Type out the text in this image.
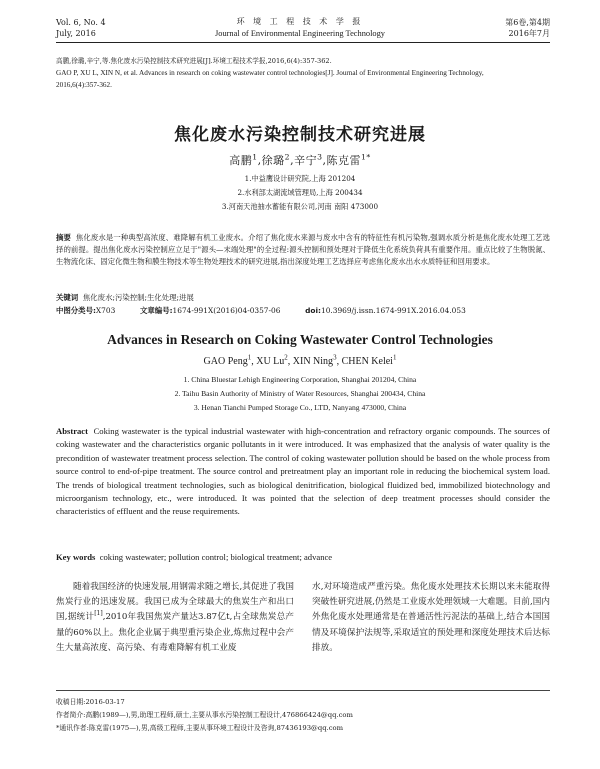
Vol. 6, No. 4
July, 2016
环 境 工 程 技 术 学 报
Journal of Environmental Engineering Technology
第6卷,第4期
2016年7月
高鹏,徐璐,辛宁,等.焦化废水污染控制技术研究进展[J].环境工程技术学报,2016,6(4):357-362.
GAO P, XU L, XIN N, et al. Advances in research on coking wastewater control technologies[J]. Journal of Environmental Engineering Technology,
2016,6(4):357-362.
焦化废水污染控制技术研究进展
高鹏$^1$,徐璐$^2$,辛宁$^3$,陈克雷$^{1*}$
1.中益鹰设计研究院,上海 201204
2.水利部太湖流域管理局,上海 200434
3.河南天池抽水蓄能有限公司,河南 南阳 473000
摘要 焦化废水是一种典型高浓度、难降解有机工业废水。介绍了焦化废水来源与废水中含有的特征性有机污染物,强调水质分析是焦化废水处理工艺选择的前提。提出焦化废水污染控制应立足于"源头—末端处理"的全过程:源头控制和预处理对于降低生化系统负荷具有重要作用。重点比较了生物脱氮、生物流化床、固定化微生物和膜生物技术等生物处理技术的研究进展,指出深度处理工艺选择应考虑焦化废水出水水质特征和回用要求。
关键词 焦化废水;污染控制;生化处理;进展
中图分类号:X703	文章编号:1674-991X(2016)04-0357-06	doi:10.3969/j.issn.1674-991X.2016.04.053
Advances in Research on Coking Wastewater Control Technologies
GAO Peng$^1$, XU Lu$^2$, XIN Ning$^3$, CHEN Kelei$^1$
1. China Bluestar Lehigh Engineering Corporation, Shanghai 201204, China
2. Taihu Basin Authority of Ministry of Water Resources, Shanghai 200434, China
3. Henan Tianchi Pumped Storage Co., LTD, Nanyang 473000, China
Abstract Coking wastewater is the typical industrial wastewater with high-concentration and refractory organic compounds. The sources of coking wastewater and the characteristics organic pollutants in it were introduced. It was emphasized that the analysis of water quality is the precondition of wastewater treatment process selection. The control of coking wastewater pollution should be based on the whole process from source control to end-of-pipe treatment. The source control and pretreatment play an important role in reducing the biochemical system load. The trends of biological treatment technologies, such as biological denitrification, biological fluidized bed, immobilized biotechnology and microorganism technology, etc., were introduced. It was pointed that the selection of deep treatment processes should consider the characteristics of effluent and the reuse requirements.
Key words coking wastewater; pollution control; biological treatment; advance
随着我国经济的快速发展,用钢需求随之增长,其促进了我国焦炭行业的迅速发展。我国已成为全球最大的焦炭生产和出口国,据统计[1],2010年我国焦炭产量达3.87亿t,占全球焦炭总产量的60%以上。焦化企业属于典型重污染企业,炼焦过程中会产生大量高浓度、高污染、有毒难降解有机工业废
水,对环境造成严重污染。焦化废水处理技术长期以来未能取得突破性研究进展,仍然是工业废水处理领域一大难题。目前,国内外焦化废水处理通常是在普通活性污泥法的基础上,结合本国国情及环境保护法规等,采取适宜的预处理和深度处理技术后达标排放。
收稿日期:2016-03-17
作者简介:高鹏(1989—),男,助理工程师,硕士,主要从事水污染控制工程设计,476866424@qq.com
*通讯作者:陈克雷(1975—),男,高级工程师,主要从事环境工程设计及咨询,87436193@qq.com
